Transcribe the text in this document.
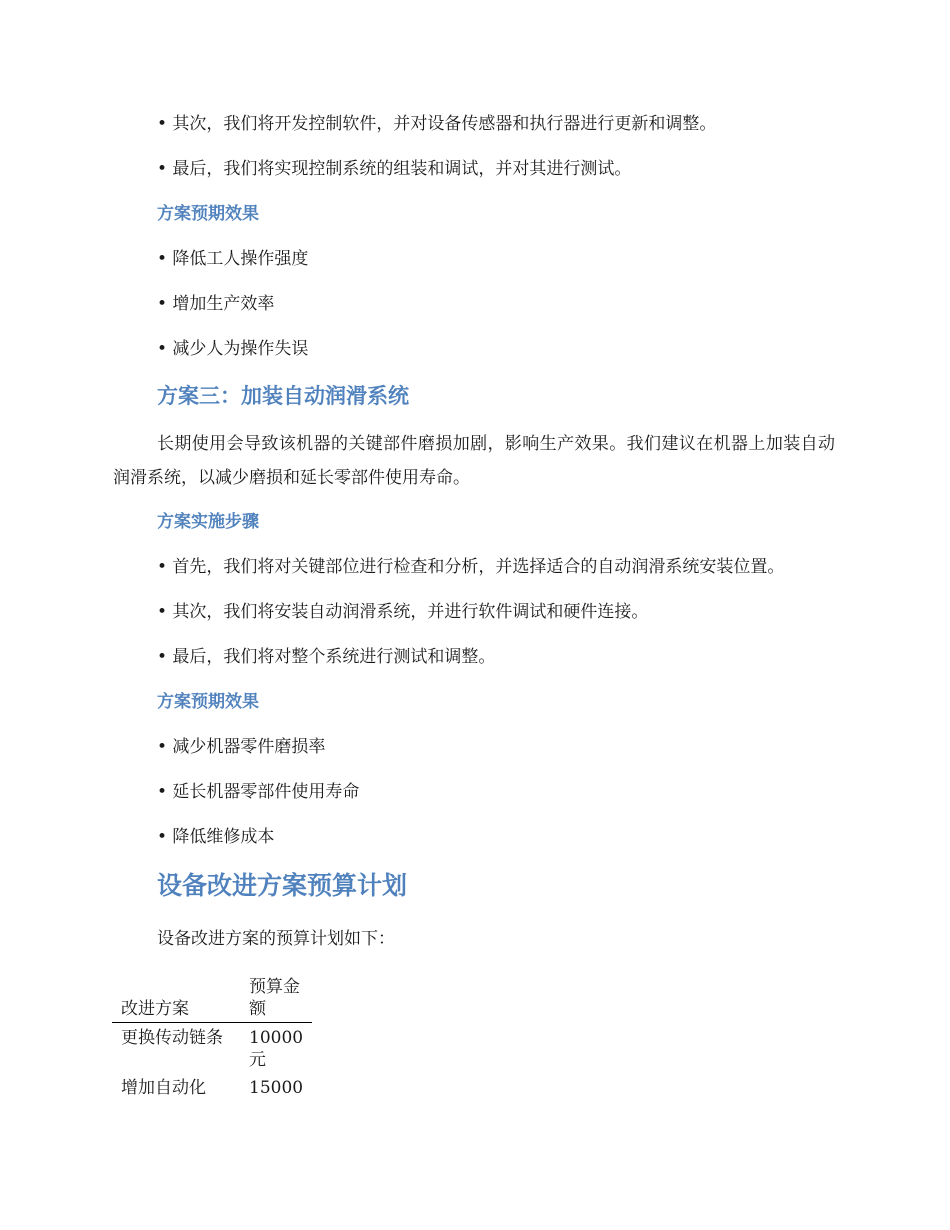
• 其次，我们将开发控制软件，并对设备传感器和执行器进行更新和调整。
• 最后，我们将实现控制系统的组装和调试，并对其进行测试。
方案预期效果
• 降低工人操作强度
• 增加生产效率
• 减少人为操作失误
方案三：加装自动润滑系统
长期使用会导致该机器的关键部件磨损加剧，影响生产效果。我们建议在机器上加装自动润滑系统，以减少磨损和延长零部件使用寿命。
方案实施步骤
• 首先，我们将对关键部位进行检查和分析，并选择适合的自动润滑系统安装位置。
• 其次，我们将安装自动润滑系统，并进行软件调试和硬件连接。
• 最后，我们将对整个系统进行测试和调整。
方案预期效果
• 减少机器零件磨损率
• 延长机器零部件使用寿命
• 降低维修成本
设备改进方案预算计划
设备改进方案的预算计划如下：
改进方案	预算金额
更换传动链条	10000元
增加自动化	15000
